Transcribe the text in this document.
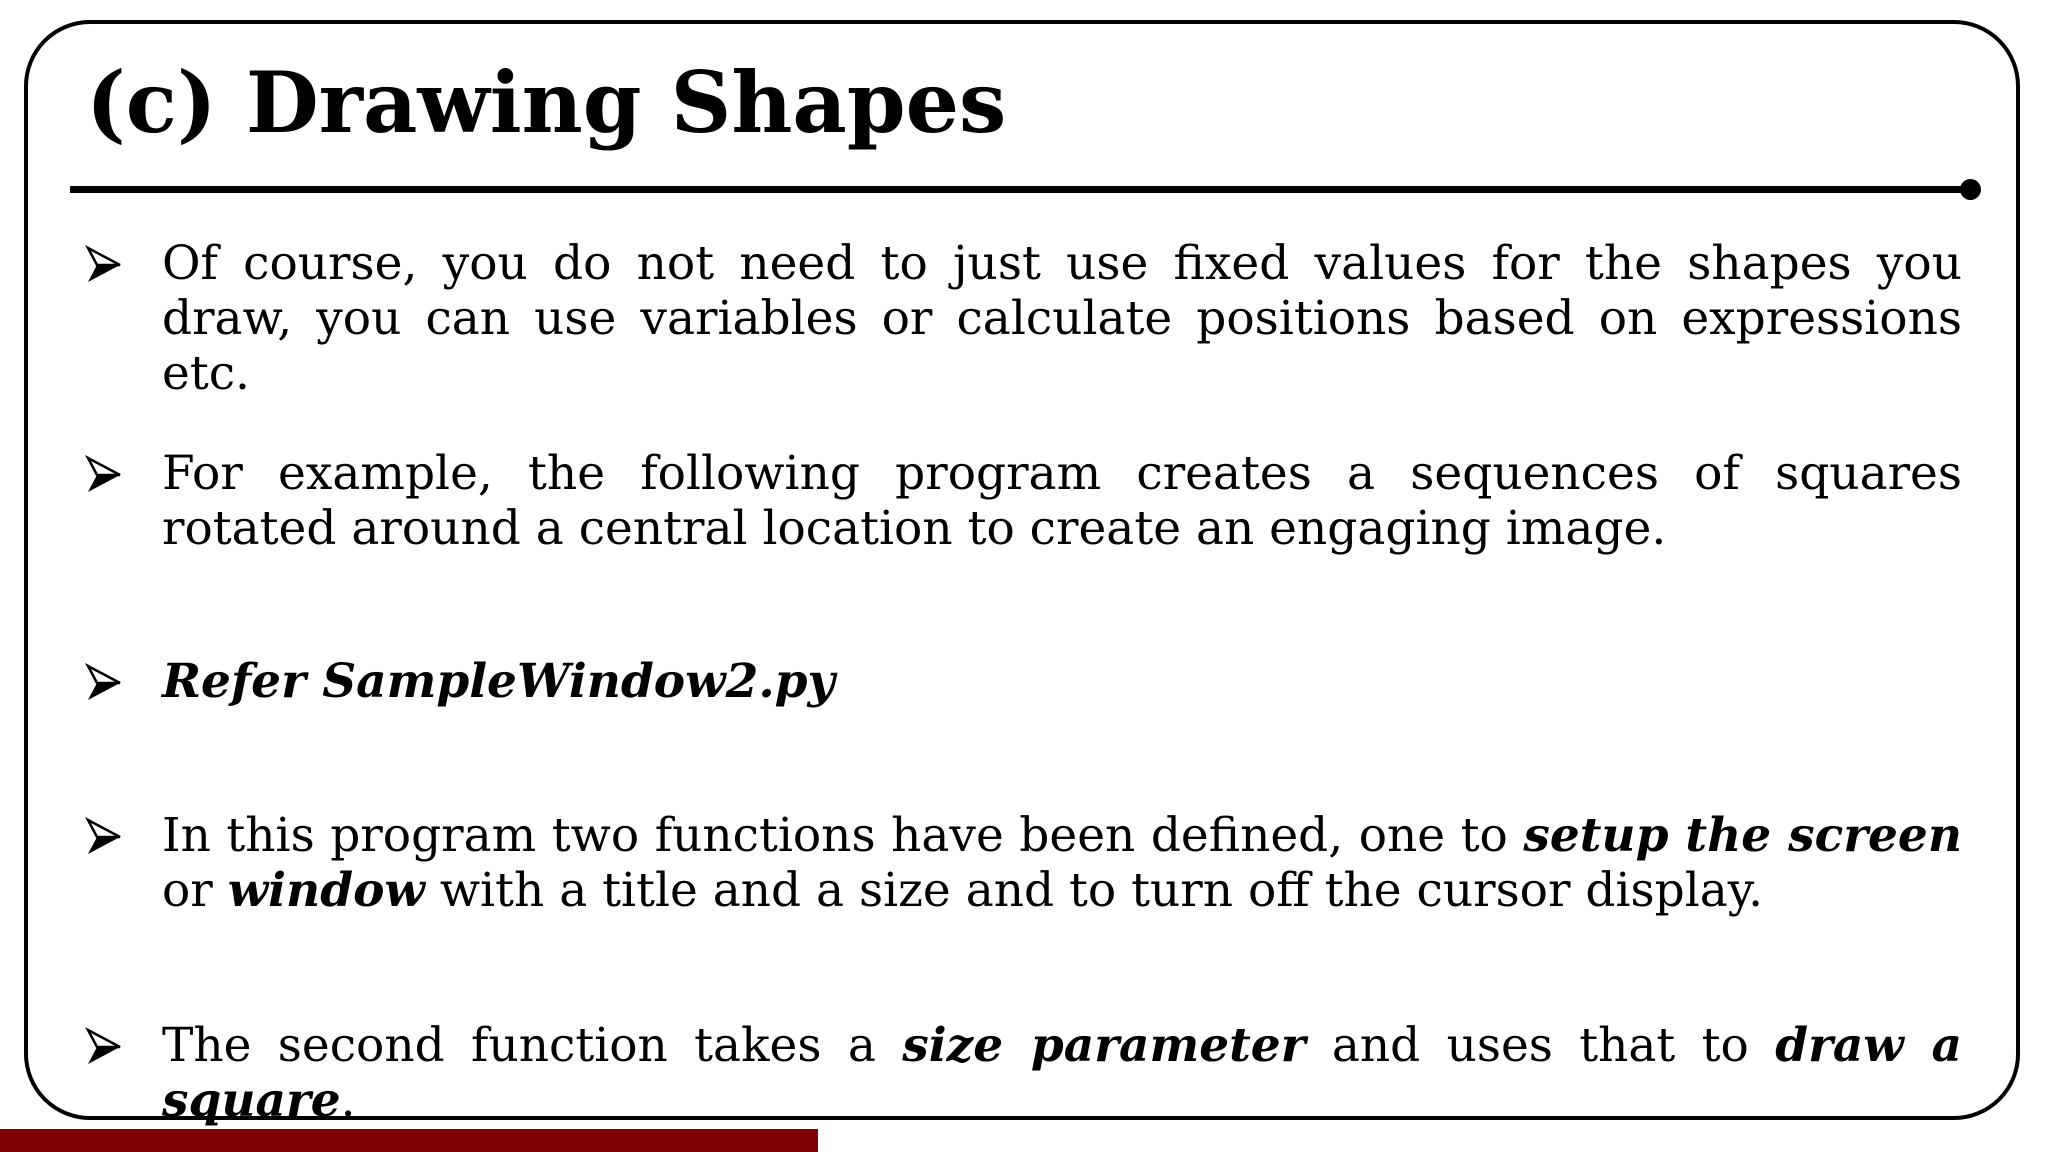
(c) Drawing Shapes

Of course, you do not need to just use fixed values for the shapes you draw, you can use variables or calculate positions based on expressions etc.

For example, the following program creates a sequences of squares rotated around a central location to create an engaging image.

Refer SampleWindow2.py

In this program two functions have been defined, one to setup the screen or window with a title and a size and to turn off the cursor display.

The second function takes a size parameter and uses that to draw a square.
